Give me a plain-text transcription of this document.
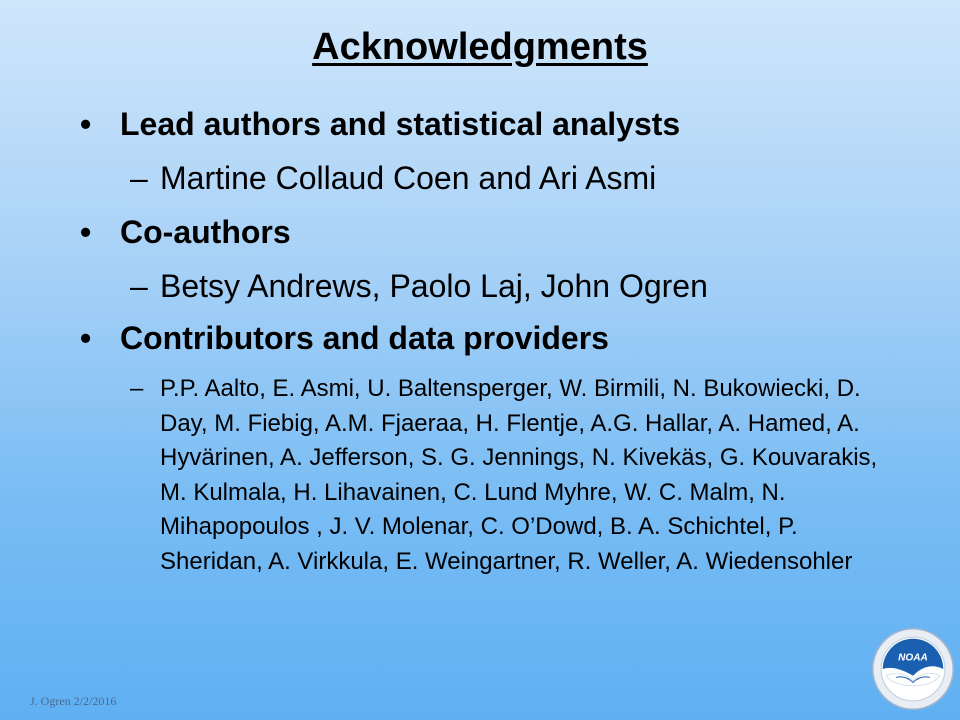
Acknowledgments
• Lead authors and statistical analysts
– Martine Collaud Coen and Ari Asmi
• Co-authors
– Betsy Andrews, Paolo Laj, John Ogren
• Contributors and data providers
– P.P. Aalto, E. Asmi, U. Baltensperger, W. Birmili, N. Bukowiecki, D. Day, M. Fiebig, A.M. Fjaeraa, H. Flentje, A.G. Hallar, A. Hamed, A. Hyvärinen, A. Jefferson, S. G. Jennings, N. Kivekäs, G. Kouvarakis, M. Kulmala, H. Lihavainen, C. Lund Myhre, W. C. Malm, N. Mihapopoulos , J. V. Molenar, C. O’Dowd, B. A. Schichtel, P. Sheridan, A. Virkkula, E. Weingartner, R. Weller, A. Wiedensohler
J. Ogren 2/2/2016
NOAA
